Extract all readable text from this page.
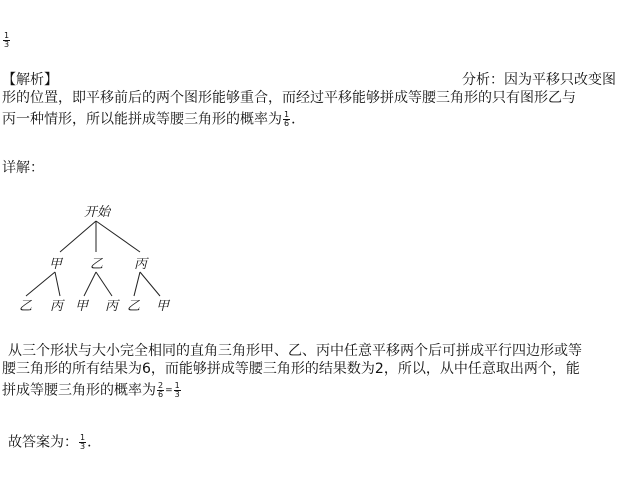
$\frac{1}{3}$
【解析】	分析：因为平移只改变图
形的位置，即平移前后的两个图形能够重合，而经过平移能够拼成等腰三角形的只有图形乙与
丙一种情形，所以能拼成等腰三角形的概率为 $\frac{1}{6}$ ．
详解：
开始
甲 乙 丙
乙 丙 甲 丙 乙 甲
从三个形状与大小完全相同的直角三角形甲、乙、丙中任意平移两个后可拼成平行四边形或等
腰三角形的所有结果为6，而能够拼成等腰三角形的结果数为2，所以，从中任意取出两个，能
拼成等腰三角形的概率为 $\frac{2}{6} = \frac{1}{3}$
故答案为： $\frac{1}{3}$ ．
